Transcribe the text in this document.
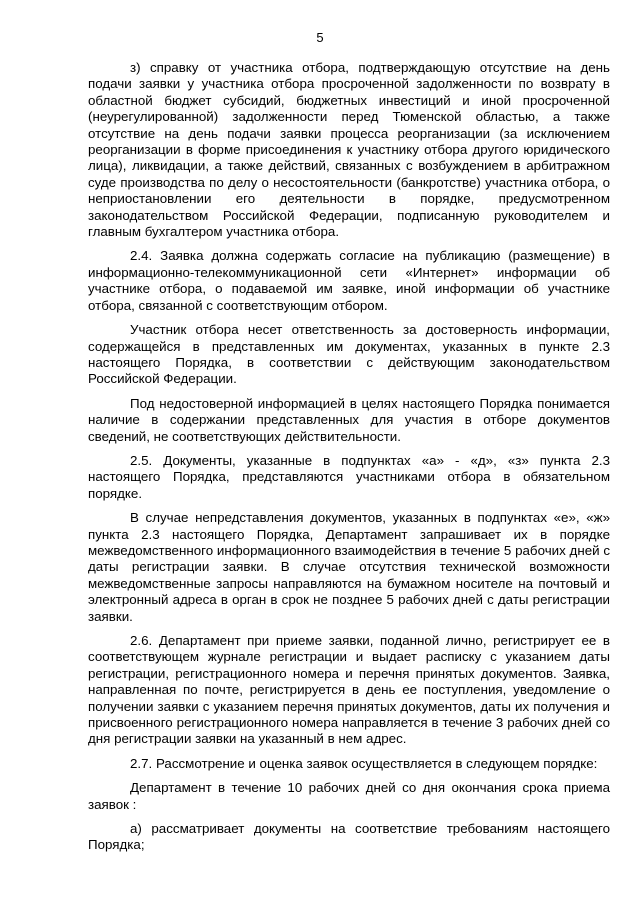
5

з) справку от участника отбора, подтверждающую отсутствие на день подачи заявки у участника отбора просроченной задолженности по возврату в областной бюджет субсидий, бюджетных инвестиций и иной просроченной (неурегулированной) задолженности перед Тюменской областью, а также отсутствие на день подачи заявки процесса реорганизации (за исключением реорганизации в форме присоединения к участнику отбора другого юридического лица), ликвидации, а также действий, связанных с возбуждением в арбитражном суде производства по делу о несостоятельности (банкротстве) участника отбора, о неприостановлении его деятельности в порядке, предусмотренном законодательством Российской Федерации, подписанную руководителем и главным бухгалтером участника отбора.

2.4. Заявка должна содержать согласие на публикацию (размещение) в информационно-телекоммуникационной сети «Интернет» информации об участнике отбора, о подаваемой им заявке, иной информации об участнике отбора, связанной с соответствующим отбором.

Участник отбора несет ответственность за достоверность информации, содержащейся в представленных им документах, указанных в пункте 2.3 настоящего Порядка, в соответствии с действующим законодательством Российской Федерации.

Под недостоверной информацией в целях настоящего Порядка понимается наличие в содержании представленных для участия в отборе документов сведений, не соответствующих действительности.

2.5. Документы, указанные в подпунктах «а» - «д», «з» пункта 2.3 настоящего Порядка, представляются участниками отбора в обязательном порядке.

В случае непредставления документов, указанных в подпунктах «е», «ж» пункта 2.3 настоящего Порядка, Департамент запрашивает их в порядке межведомственного информационного взаимодействия в течение 5 рабочих дней с даты регистрации заявки. В случае отсутствия технической возможности межведомственные запросы направляются на бумажном носителе на почтовый и электронный адреса в орган в срок не позднее 5 рабочих дней с даты регистрации заявки.

2.6. Департамент при приеме заявки, поданной лично, регистрирует ее в соответствующем журнале регистрации и выдает расписку с указанием даты регистрации, регистрационного номера и перечня принятых документов. Заявка, направленная по почте, регистрируется в день ее поступления, уведомление о получении заявки с указанием перечня принятых документов, даты их получения и присвоенного регистрационного номера направляется в течение 3 рабочих дней со дня регистрации заявки на указанный в нем адрес.

2.7. Рассмотрение и оценка заявок осуществляется в следующем порядке:

Департамент в течение 10 рабочих дней со дня окончания срока приема заявок :

а) рассматривает документы на соответствие требованиям настоящего Порядка;
